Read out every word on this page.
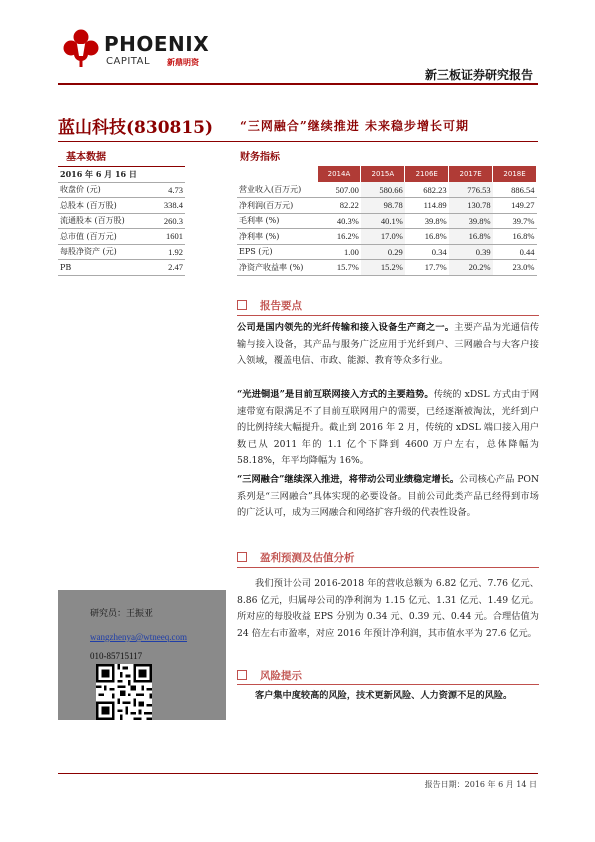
PHOENIX
CAPITAL 新鼎明资
新三板证券研究报告
蓝山科技(830815) “三网融合”继续推进 未来稳步增长可期
基本数据
2016 年 6 月 16 日	
收盘价 (元)	4.73
总股本 (百万股)	338.4
流通股本 (百万股)	260.3
总市值 (百万元)	1601
每股净资产 (元)	1.92
PB	2.47
财务指标
	2014A	2015A	2106E	2017E	2018E
营业收入(百万元)	507.00	580.66	682.23	776.53	886.54
净利润(百万元)	82.22	98.78	114.89	130.78	149.27
毛利率 (%)	40.3%	40.1%	39.8%	39.8%	39.7%
净利率 (%)	16.2%	17.0%	16.8%	16.8%	16.8%
EPS (元)	1.00	0.29	0.34	0.39	0.44
净资产收益率 (%)	15.7%	15.2%	17.7%	20.2%	23.0%
报告要点
公司是国内领先的光纤传输和接入设备生产商之一。主要产品为光通信传输与接入设备，其产品与服务广泛应用于光纤到户、三网融合与大客户接入领域，覆盖电信、市政、能源、教育等众多行业。
“光进铜退”是目前互联网接入方式的主要趋势。传统的 xDSL 方式由于网速带宽有限满足不了目前互联网用户的需要，已经逐渐被淘汰，光纤到户的比例持续大幅提升。截止到 2016 年 2 月，传统的 xDSL 端口接入用户数已从 2011 年的 1.1 亿个下降到 4600 万户左右，总体降幅为 58.18%，年平均降幅为 16%。
“三网融合”继续深入推进，将带动公司业绩稳定增长。公司核心产品 PON 系列是“三网融合”具体实现的必要设备。目前公司此类产品已经得到市场的广泛认可，成为三网融合和网络扩容升级的代表性设备。
盈利预测及估值分析
我们预计公司 2016-2018 年的营收总额为 6.82 亿元、7.76 亿元、8.86 亿元，归属母公司的净利润为 1.15 亿元、1.31 亿元、1.49 亿元。所对应的每股收益 EPS 分别为 0.34 元、0.39 元、0.44 元。合理估值为 24 倍左右市盈率，对应 2016 年预计净利润，其市值水平为 27.6 亿元。
风险提示
客户集中度较高的风险，技术更新风险、人力资源不足的风险。
研究员：王振亚
wangzhenya@wtneeq.com
010-85715117
报告日期：2016 年 6 月 14 日
